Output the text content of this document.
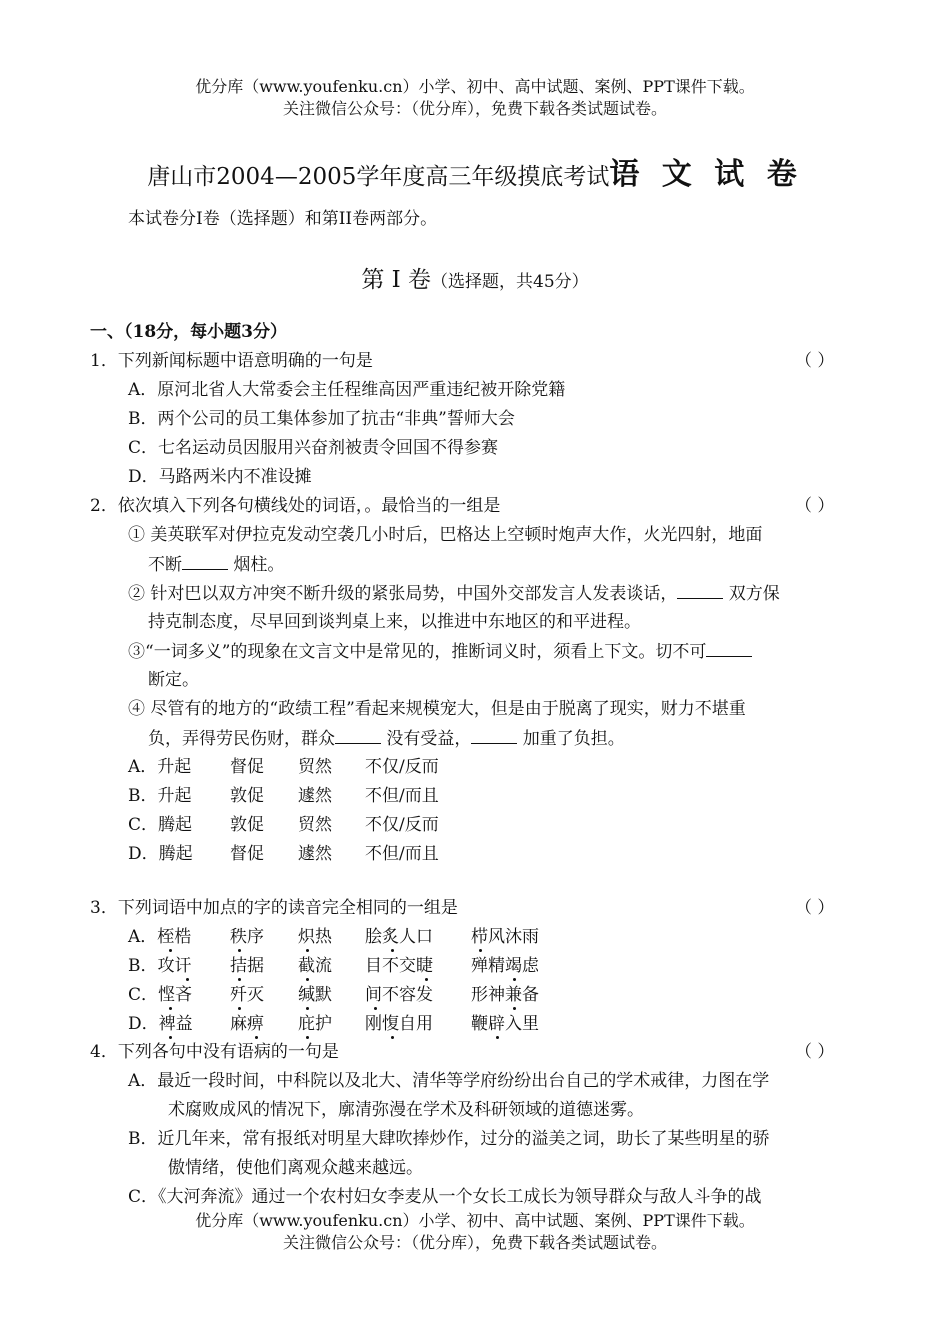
优分库（www.youfenku.cn）小学、初中、高中试题、案例、PPT课件下载。
关注微信公众号：（优分库），免费下载各类试题试卷。
唐山市2004—2005学年度高三年级摸底考试语 文 试 卷
本试卷分I卷（选择题）和第II卷两部分。
第 I 卷（选择题，共45分）
一、（18分，每小题3分）
1．下列新闻标题中语意明确的一句是	（ ）
A．原河北省人大常委会主任程维高因严重违纪被开除党籍
B．两个公司的员工集体参加了抗击“非典”誓师大会
C．七名运动员因服用兴奋剂被责令回国不得参赛
D．马路两米内不准设摊
2．依次填入下列各句横线处的词语，。最恰当的一组是	（ ）
① 美英联军对伊拉克发动空袭几小时后，巴格达上空顿时炮声大作，火光四射，地面
不断	烟柱。
② 针对巴以双方冲突不断升级的紧张局势，中国外交部发言人发表谈话，	双方保
持克制态度，尽早回到谈判桌上来，以推进中东地区的和平进程。
③“一词多义”的现象在文言文中是常见的，推断词义时，须看上下文。切不可
断定。
④ 尽管有的地方的“政绩工程”看起来规模宠大，但是由于脱离了现实，财力不堪重
负，弄得劳民伤财，群众	没有受益，	加重了负担。
A．升起 督促 贸然 不仅/反而
B．升起 敦促 遽然 不但/而且
C．腾起 敦促 贸然 不仅/反而
D．腾起 督促 遽然 不但/而且
3．下列词语中加点的字的读音完全相同的一组是	（ ）
A．桎梏 秩序 炽热 脍炙人口 栉风沐雨
B．攻讦 拮据 截流 目不交睫 殚精竭虑
C．悭吝 歼灭 缄默 间不容发 形神兼备
D．裨益 麻痹 庇护 刚愎自用 鞭辟入里
4．下列各句中没有语病的一句是	（ ）
A．最近一段时间，中科院以及北大、清华等学府纷纷出台自己的学术戒律，力图在学
术腐败成风的情况下，廓清弥漫在学术及科研领域的道德迷雾。
B．近几年来，常有报纸对明星大肆吹捧炒作，过分的溢美之词，助长了某些明星的骄
傲情绪，使他们离观众越来越远。
C．《大河奔流》通过一个农村妇女李麦从一个女长工成长为领导群众与敌人斗争的战
优分库（www.youfenku.cn）小学、初中、高中试题、案例、PPT课件下载。
关注微信公众号：（优分库），免费下载各类试题试卷。
